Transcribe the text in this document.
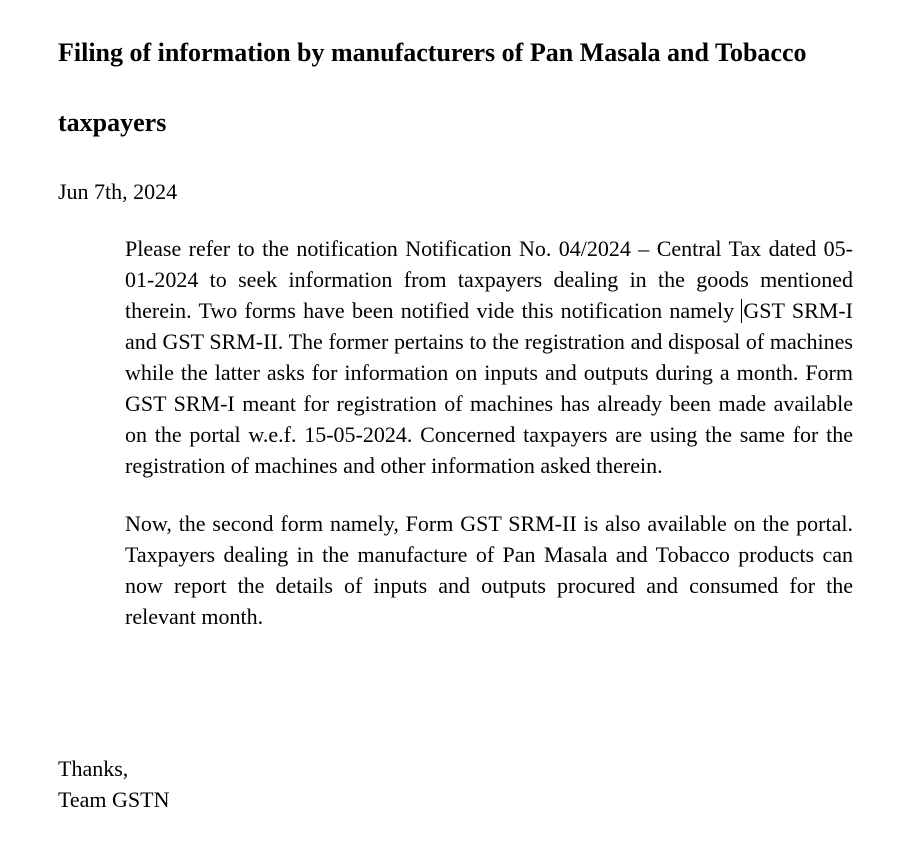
Filing of information by manufacturers of Pan Masala and Tobacco taxpayers

Jun 7th, 2024

Please refer to the notification Notification No. 04/2024 – Central Tax dated 05-01-2024 to seek information from taxpayers dealing in the goods mentioned therein. Two forms have been notified vide this notification namely GST SRM-I and GST SRM-II. The former pertains to the registration and disposal of machines while the latter asks for information on inputs and outputs during a month. Form GST SRM-I meant for registration of machines has already been made available on the portal w.e.f. 15-05-2024. Concerned taxpayers are using the same for the registration of machines and other information asked therein.

Now, the second form namely, Form GST SRM-II is also available on the portal. Taxpayers dealing in the manufacture of Pan Masala and Tobacco products can now report the details of inputs and outputs procured and consumed for the relevant month.

Thanks,
Team GSTN
